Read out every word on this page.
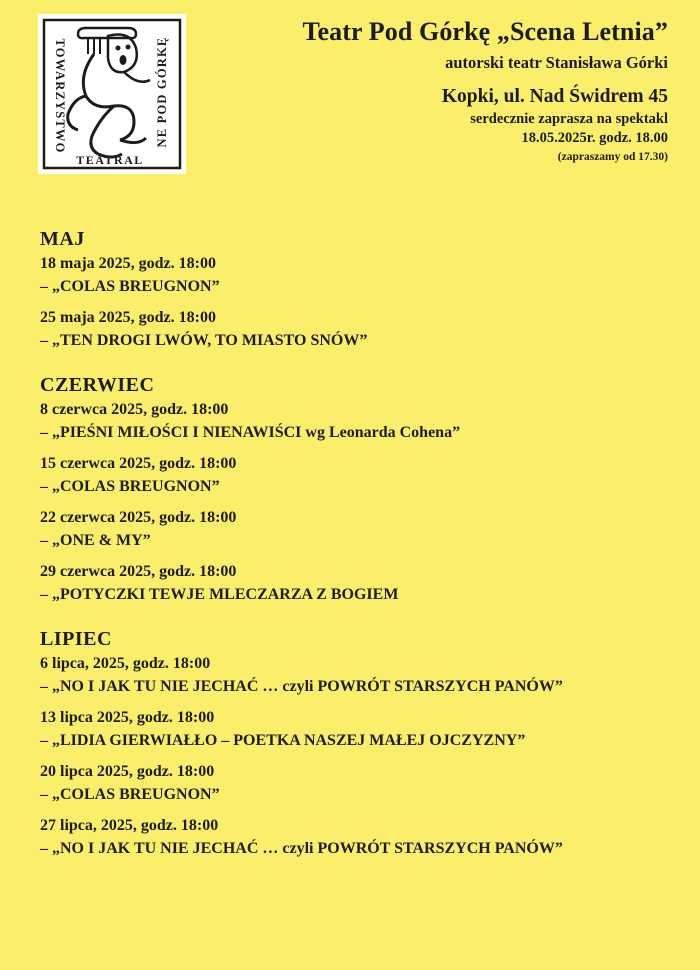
TOWARZYSTWO	NE POD GÓRKĘ
TEATRAL
Teatr Pod Górkę „Scena Letnia”
autorski teatr Stanisława Górki
Kopki, ul. Nad Świdrem 45
serdecznie zaprasza na spektakl
18.05.2025r. godz. 18.00
(zapraszamy od 17.30)
MAJ
18 maja 2025, godz. 18:00
– „COLAS BREUGNON”
25 maja 2025, godz. 18:00
– „TEN DROGI LWÓW, TO MIASTO SNÓW”
CZERWIEC
8 czerwca 2025, godz. 18:00
– „PIEŚNI MIŁOŚCI I NIENAWIŚCI wg Leonarda Cohena”
15 czerwca 2025, godz. 18:00
– „COLAS BREUGNON”
22 czerwca 2025, godz. 18:00
– „ONE & MY”
29 czerwca 2025, godz. 18:00
– „POTYCZKI TEWJE MLECZARZA Z BOGIEM
LIPIEC
6 lipca, 2025, godz. 18:00
– „NO I JAK TU NIE JECHAĆ … czyli POWRÓT STARSZYCH PANÓW”
13 lipca 2025, godz. 18:00
– „LIDIA GIERWIAŁŁO – POETKA NASZEJ MAŁEJ OJCZYZNY”
20 lipca 2025, godz. 18:00
– „COLAS BREUGNON”
27 lipca, 2025, godz. 18:00
– „NO I JAK TU NIE JECHAĆ … czyli POWRÓT STARSZYCH PANÓW”
